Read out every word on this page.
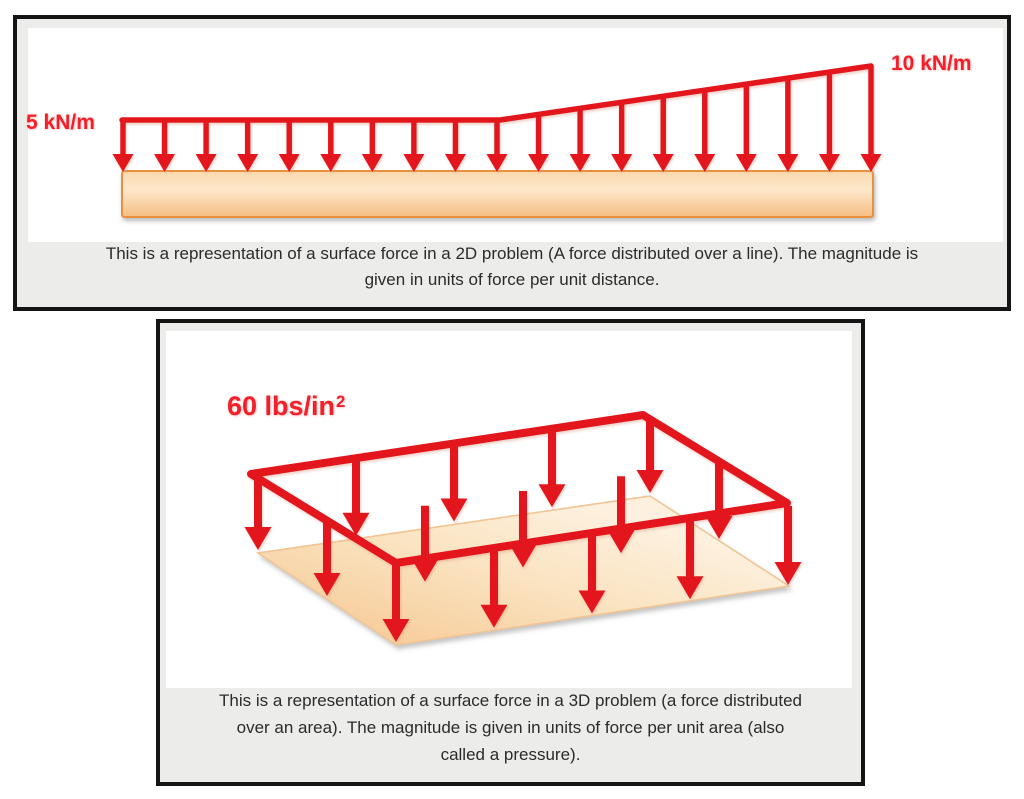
5 kN/m
10 kN/m
This is a representation of a surface force in a 2D problem (A force distributed over a line). The magnitude is
given in units of force per unit distance.
60 lbs/$in^2$
This is a representation of a surface force in a 3D problem (a force distributed
over an area). The magnitude is given in units of force per unit area (also
called a pressure).
